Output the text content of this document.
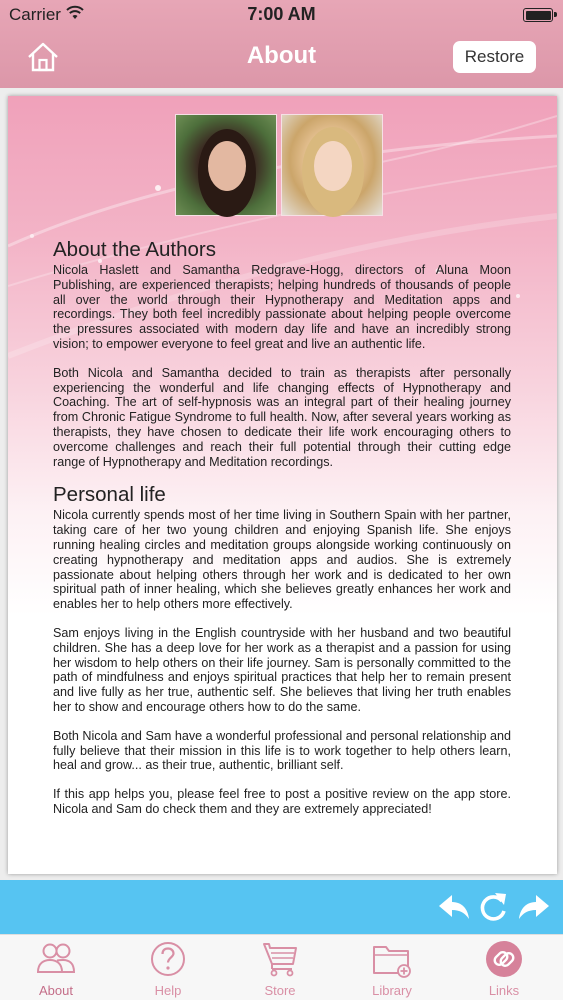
Carrier	7:00 AM
About	Restore
About the Authors

Nicola Haslett and Samantha Redgrave-Hogg, directors of Aluna Moon Publishing, are experienced therapists; helping hundreds of thousands of people all over the world through their Hypnotherapy and Meditation apps and recordings. They both feel incredibly passionate about helping people overcome the pressures associated with modern day life and have an incredibly strong vision; to empower everyone to feel great and live an authentic life.

Both Nicola and Samantha decided to train as therapists after personally experiencing the wonderful and life changing effects of Hypnotherapy and Coaching. The art of self-hypnosis was an integral part of their healing journey from Chronic Fatigue Syndrome to full health. Now, after several years working as therapists, they have chosen to dedicate their life work encouraging others to overcome challenges and reach their full potential through their cutting edge range of Hypnotherapy and Meditation recordings.

Personal life

Nicola currently spends most of her time living in Southern Spain with her partner, taking care of her two young children and enjoying Spanish life. She enjoys running healing circles and meditation groups alongside working continuously on creating hypnotherapy and meditation apps and audios. She is extremely passionate about helping others through her work and is dedicated to her own spiritual path of inner healing, which she believes greatly enhances her work and enables her to help others more effectively.

Sam enjoys living in the English countryside with her husband and two beautiful children. She has a deep love for her work as a therapist and a passion for using her wisdom to help others on their life journey. Sam is personally committed to the path of mindfulness and enjoys spiritual practices that help her to remain present and live fully as her true, authentic self. She believes that living her truth enables her to show and encourage others how to do the same.

Both Nicola and Sam have a wonderful professional and personal relationship and fully believe that their mission in this life is to work together to help others learn, heal and grow... as their true, authentic, brilliant self.

If this app helps you, please feel free to post a positive review on the app store. Nicola and Sam do check them and they are extremely appreciated!

About	Help	Store	Library	Links
